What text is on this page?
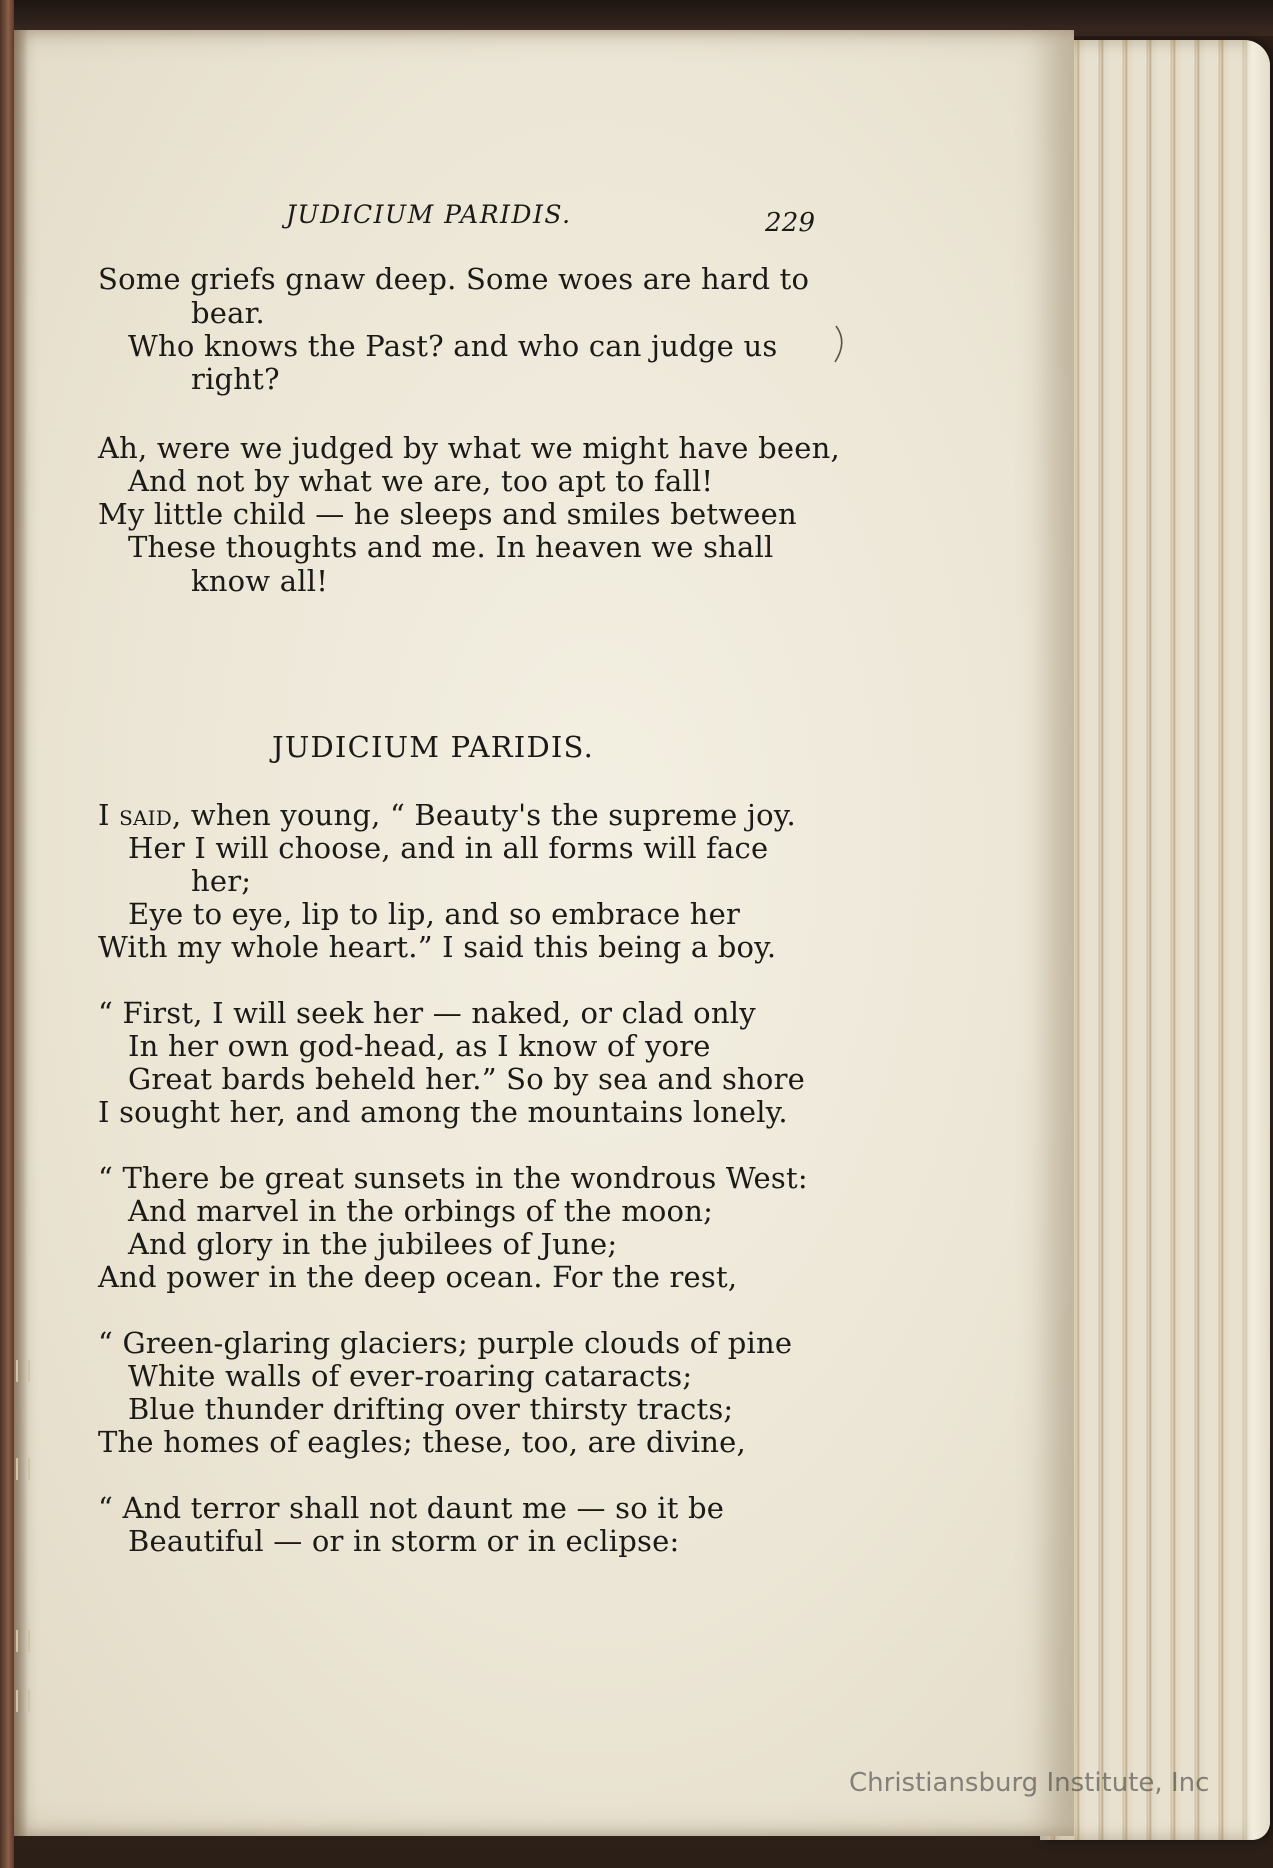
JUDICIUM PARIDIS.	229
Some griefs gnaw deep. Some woes are hard to
bear.
Who knows the Past? and who can judge us
right?
Ah, were we judged by what we might have been,
And not by what we are, too apt to fall!
My little child — he sleeps and smiles between
These thoughts and me. In heaven we shall
know all!
JUDICIUM PARIDIS.
I said, when young, “ Beauty's the supreme joy.
Her I will choose, and in all forms will face
her;
Eye to eye, lip to lip, and so embrace her
With my whole heart.” I said this being a boy.
“ First, I will seek her — naked, or clad only
In her own god-head, as I know of yore
Great bards beheld her.” So by sea and shore
I sought her, and among the mountains lonely.
“ There be great sunsets in the wondrous West:
And marvel in the orbings of the moon;
And glory in the jubilees of June;
And power in the deep ocean. For the rest,
“ Green-glaring glaciers; purple clouds of pine
White walls of ever-roaring cataracts;
Blue thunder drifting over thirsty tracts;
The homes of eagles; these, too, are divine,
“ And terror shall not daunt me — so it be
Beautiful — or in storm or in eclipse:
Christiansburg Institute, Inc
